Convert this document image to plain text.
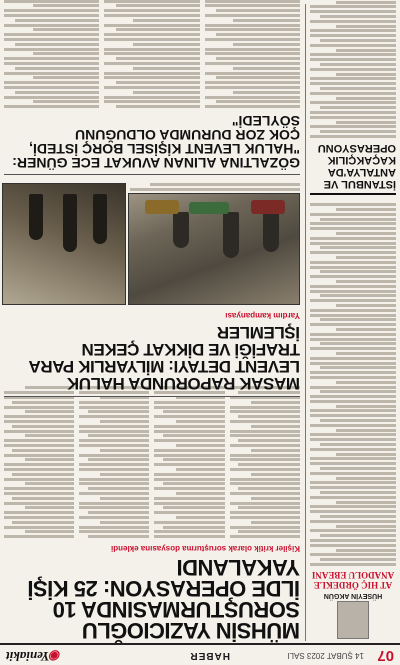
07
14 ŞUBAT 2023 SALI
HABER
◉Yeniakit
HÜSEYİN AKGÜN
AT HIÇ ÖRDEKLE ANADOLU EBEANI
İSTANBUL VE ANTALYA'DA KAÇAKÇILIK OPERASYONU
MÜHSİN YAZICIOĞLU SORUŞTURMASINDA 10 İLDE OPERASYON: 25 KİŞİ YAKALANDI
Kişiler kritik olarak soruşturma dosyasına eklendi
MASAK RAPORUNDA HALUK LEVENT DETAYI: MİLYARLIK PARA TRAFİĞİ VE DİKKAT ÇEKEN İŞLEMLER
Yardım kampanyası
GÖZALTINA ALINAN AVUKAT ECE GÜNER: "HALUK LEVENT KİŞİSEL BORÇ İSTEDİ, ÇOK ZOR DURUMDA OLDUĞUNU SÖYLEDİ"
